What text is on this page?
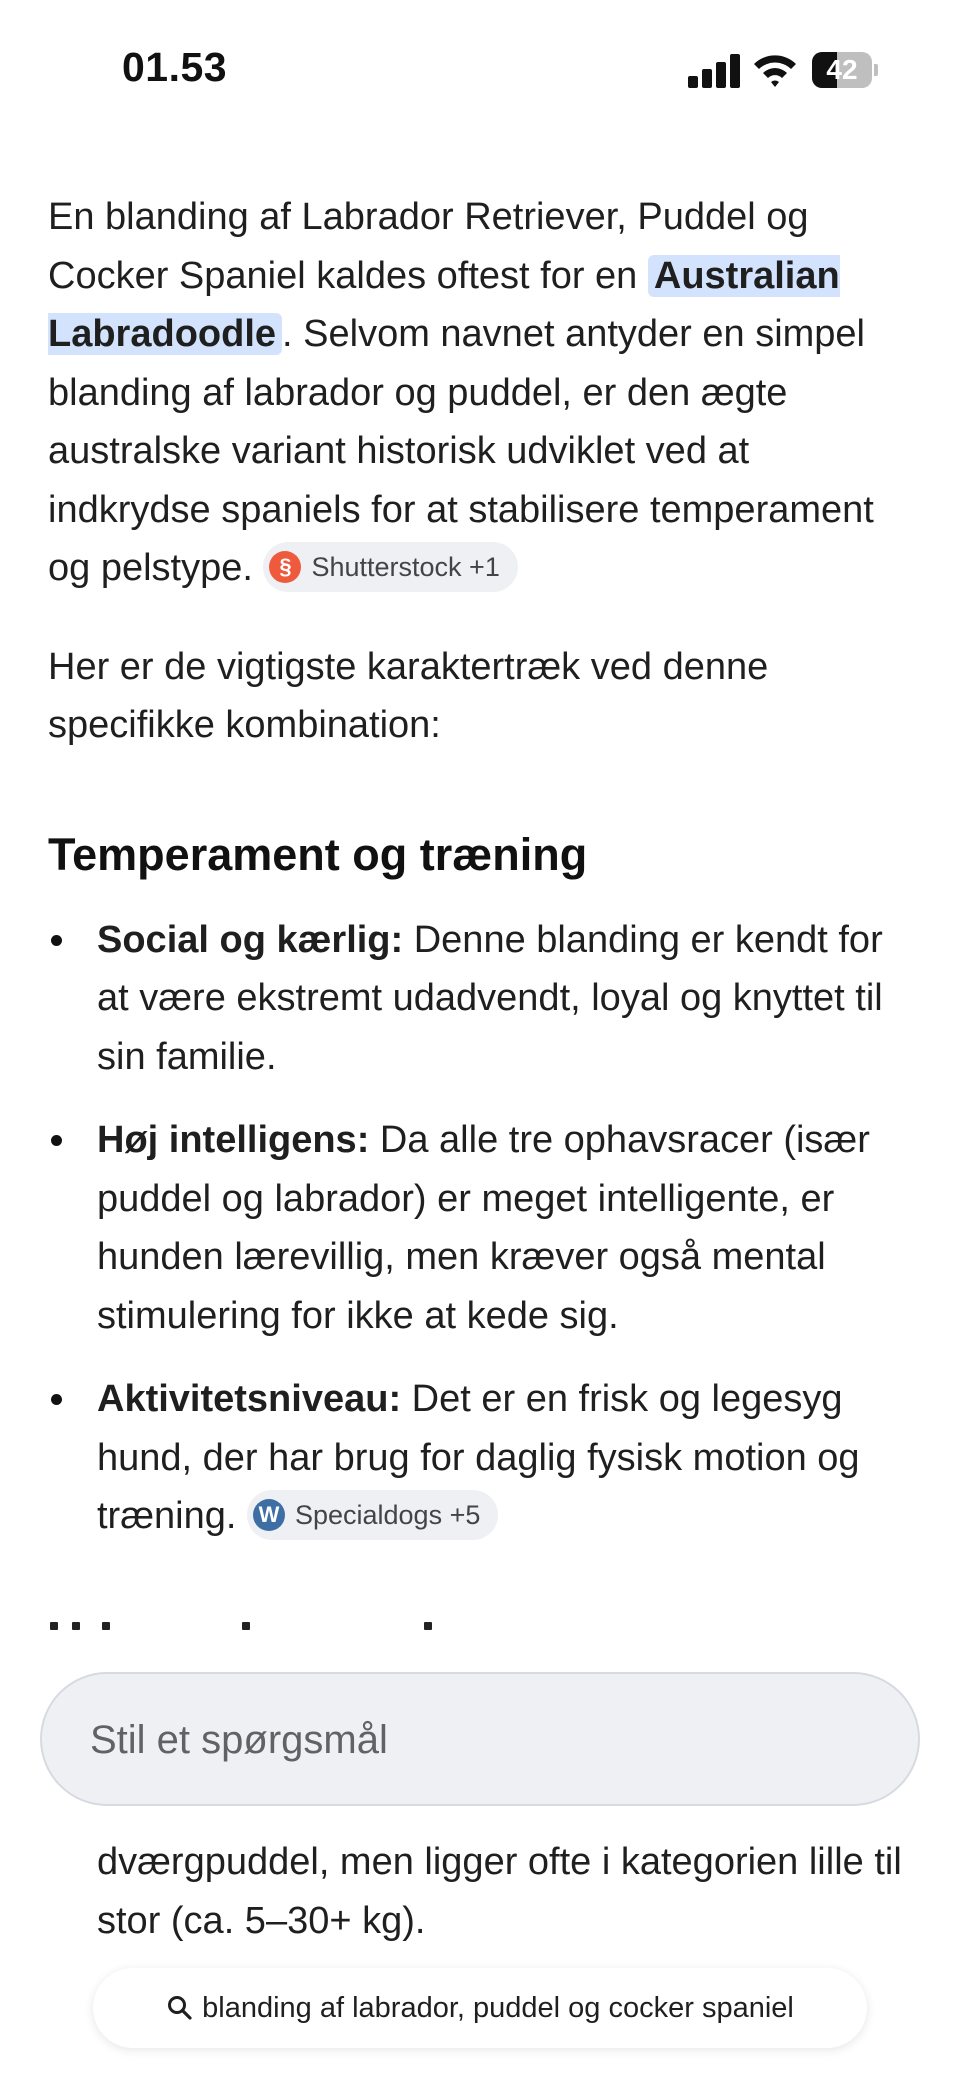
01.53	42

En blanding af Labrador Retriever, Puddel og Cocker Spaniel kaldes oftest for en Australian Labradoodle . Selvom navnet antyder en simpel blanding af labrador og puddel, er den ægte australske variant historisk udviklet ved at indkrydse spaniels for at stabilisere temperament og pelstype. § Shutterstock +1

Her er de vigtigste karaktertræk ved denne specifikke kombination:

Temperament og træning
Social og kærlig: Denne blanding er kendt for at være ekstremt udadvendt, loyal og knyttet til sin familie.
Høj intelligens: Da alle tre ophavsracer (især puddel og labrador) er meget intelligente, er hunden lærevillig, men kræver også mental stimulering for ikke at kede sig.
Aktivitetsniveau: Det er en frisk og legesyg hund, der har brug for daglig fysisk motion og træning. W Specialdogs +5
Stil et spørgsmål
dværgpuddel, men ligger ofte i kategorien lille til stor (ca. 5–30+ kg).
blanding af labrador, puddel og cocker spaniel
